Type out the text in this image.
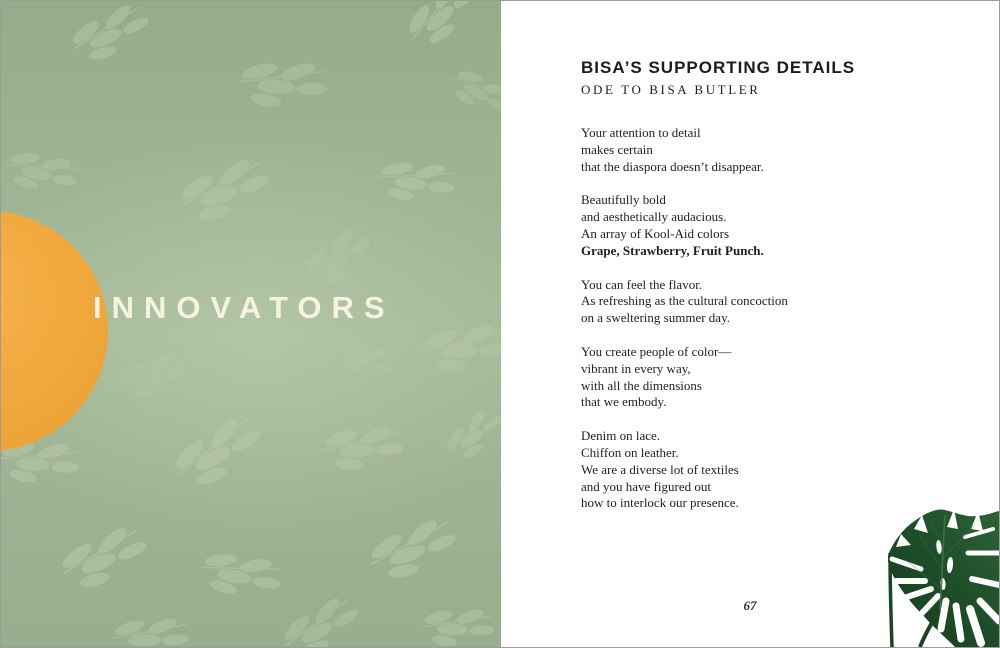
INNOVATORS
BISA’S SUPPORTING DETAILS
ODE TO BISA BUTLER

Your attention to detail
makes certain
that the diaspora doesn’t disappear.

Beautifully bold
and aesthetically audacious.
An array of Kool-Aid colors
Grape, Strawberry, Fruit Punch.

You can feel the flavor.
As refreshing as the cultural concoction
on a sweltering summer day.

You create people of color—
vibrant in every way,
with all the dimensions
that we embody.

Denim on lace.
Chiffon on leather.
We are a diverse lot of textiles
and you have figured out
how to interlock our presence.

67
